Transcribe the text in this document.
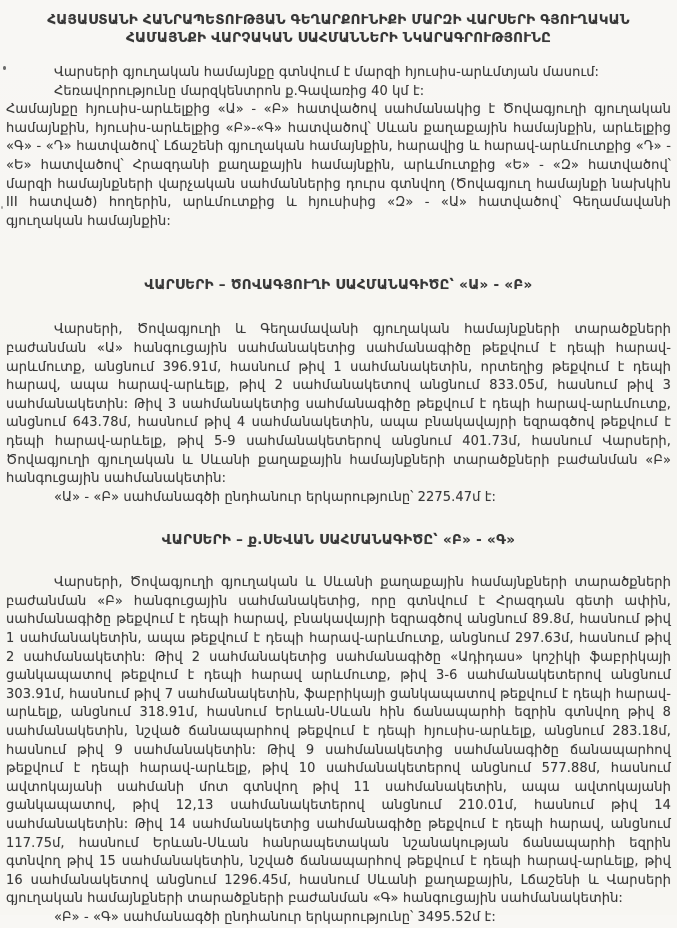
ՀԱՅԱՍՏԱՆԻ ՀԱՆՐԱՊԵՏՈՒԹՅԱՆ ԳԵՂԱՐՔՈՒՆԻՔԻ ՄԱՐԶԻ ՎԱՐՍԵՐԻ ԳՅՈՒՂԱԿԱՆ ՀԱՄԱՅՆՔԻ ՎԱՐՉԱԿԱՆ ՍԱՀՄԱՆՆԵՐԻ ՆԿԱՐԱԳՐՈՒԹՅՈՒՆԸ

Վարսերի գյուղական համայնքը գտնվում է մարզի հյուսիս-արևմտյան մասում:

Հեռավորությունը մարզկենտրոն ք.Գավառից 40 կմ է:

Համայնքը հյուսիս-արևելքից «Ա» - «Բ» հատվածով սահմանակից է Ծովագյուղի գյուղական համայնքին, հյուսիս-արևելքից «Բ»-«Գ» հատվածով՝ Սևան քաղաքային համայնքին, արևելքից «Գ» - «Դ» հատվածով՝ Լճաշենի գյուղական համայնքին, հարավից և հարավ-արևմուտքից «Դ» - «Ե» հատվածով՝ Հրազդանի քաղաքային համայնքին, արևմուտքից «Ե» - «Զ» հատվածով՝ մարզի համայնքների վարչական սահմաններից դուրս գտնվող (Ծովագյուղ համայնքի նախկին III հատված) հողերին, արևմուտքից և հյուսիսից «Զ» - «Ա» հատվածով՝ Գեղամավանի գյուղական համայնքին:

ՎԱՐՍԵՐԻ – ԾՈՎԱԳՅՈՒՂԻ ՍԱՀՄԱՆԱԳԻԾԸ՝ «Ա» - «Բ»

Վարսերի, Ծովագյուղի և Գեղամավանի գյուղական համայնքների տարածքների բաժանման «Ա» հանգուցային սահմանակետից սահմանագիծը թեքվում է դեպի հարավ-արևմուտք, անցնում 396.91մ, հասնում թիվ 1 սահմանակետին, որտեղից թեքվում է դեպի հարավ, ապա հարավ-արևելք, թիվ 2 սահմանակետով անցնում 833.05մ, հասնում թիվ 3 սահմանակետին: Թիվ 3 սահմանակետից սահմանագիծը թեքվում է դեպի հարավ-արևմուտք, անցնում 643.78մ, հասնում թիվ 4 սահմանակետին, ապա բնակավայրի եզրագծով թեքվում է դեպի հարավ-արևելք, թիվ 5-9 սահմանակետերով անցնում 401.73մ, հասնում Վարսերի, Ծովագյուղի գյուղական և Սևանի քաղաքային համայնքների տարածքների բաժանման «Բ» հանգուցային սահմանակետին:

«Ա» - «Բ» սահմանագծի ընդհանուր երկարությունը՝ 2275.47մ է:

ՎԱՐՍԵՐԻ – ք.ՍԵՎԱՆ ՍԱՀՄԱՆԱԳԻԾԸ՝ «Բ» - «Գ»

Վարսերի, Ծովագյուղի գյուղական և Սևանի քաղաքային համայնքների տարածքների բաժանման «Բ» հանգուցային սահմանակետից, որը գտնվում է Հրազդան գետի ափին, սահմանագիծը թեքվում է դեպի հարավ, բնակավայրի եզրագծով անցնում 89.8մ, հասնում թիվ 1 սահմանակետին, ապա թեքվում է դեպի հարավ-արևմուտք, անցնում 297.63մ, հասնում թիվ 2 սահմանակետին: Թիվ 2 սահմանակետից սահմանագիծը «Ադիդաս» կոշիկի ֆաբրիկայի ցանկապատով թեքվում է դեպի հարավ արևմուտք, թիվ 3-6 սահմանակետերով անցնում 303.91մ, հասնում թիվ 7 սահմանակետին, ֆաբրիկայի ցանկապատով թեքվում է դեպի հարավ-արևելք, անցնում 318.91մ, հասնում Երևան-Սևան հին ճանապարհի եզրին գտնվող թիվ 8 սահմանակետին, նշված ճանապարհով թեքվում է դեպի հյուսիս-արևելք, անցնում 283.18մ, հասնում թիվ 9 սահմանակետին: Թիվ 9 սահմանակետից սահմանագիծը ճանապարհով թեքվում է դեպի հարավ-արևելք, թիվ 10 սահմանակետերով անցնում 577.88մ, հասնում ավտոկայանի սահմանի մոտ գտնվող թիվ 11 սահմանակետին, ապա ավտոկայանի ցանկապատով, թիվ 12,13 սահմանակետերով անցնում 210.01մ, հասնում թիվ 14 սահմանակետին: Թիվ 14 սահմանակետից սահմանագիծը թեքվում է դեպի հարավ, անցնում 117.75մ, հասնում Երևան-Սևան հանրապետական նշանակության ճանապարհի եզրին գտնվող թիվ 15 սահմանակետին, նշված ճանապարհով թեքվում է դեպի հարավ-արևելք, թիվ 16 սահմանակետով անցնում 1296.45մ, հասնում Սևանի քաղաքային, Լճաշենի և Վարսերի գյուղական համայնքների տարածքների բաժանման «Գ» հանգուցային սահմանակետին:

«Բ» - «Գ» սահմանագծի ընդհանուր երկարությունը՝ 3495.52մ է:
